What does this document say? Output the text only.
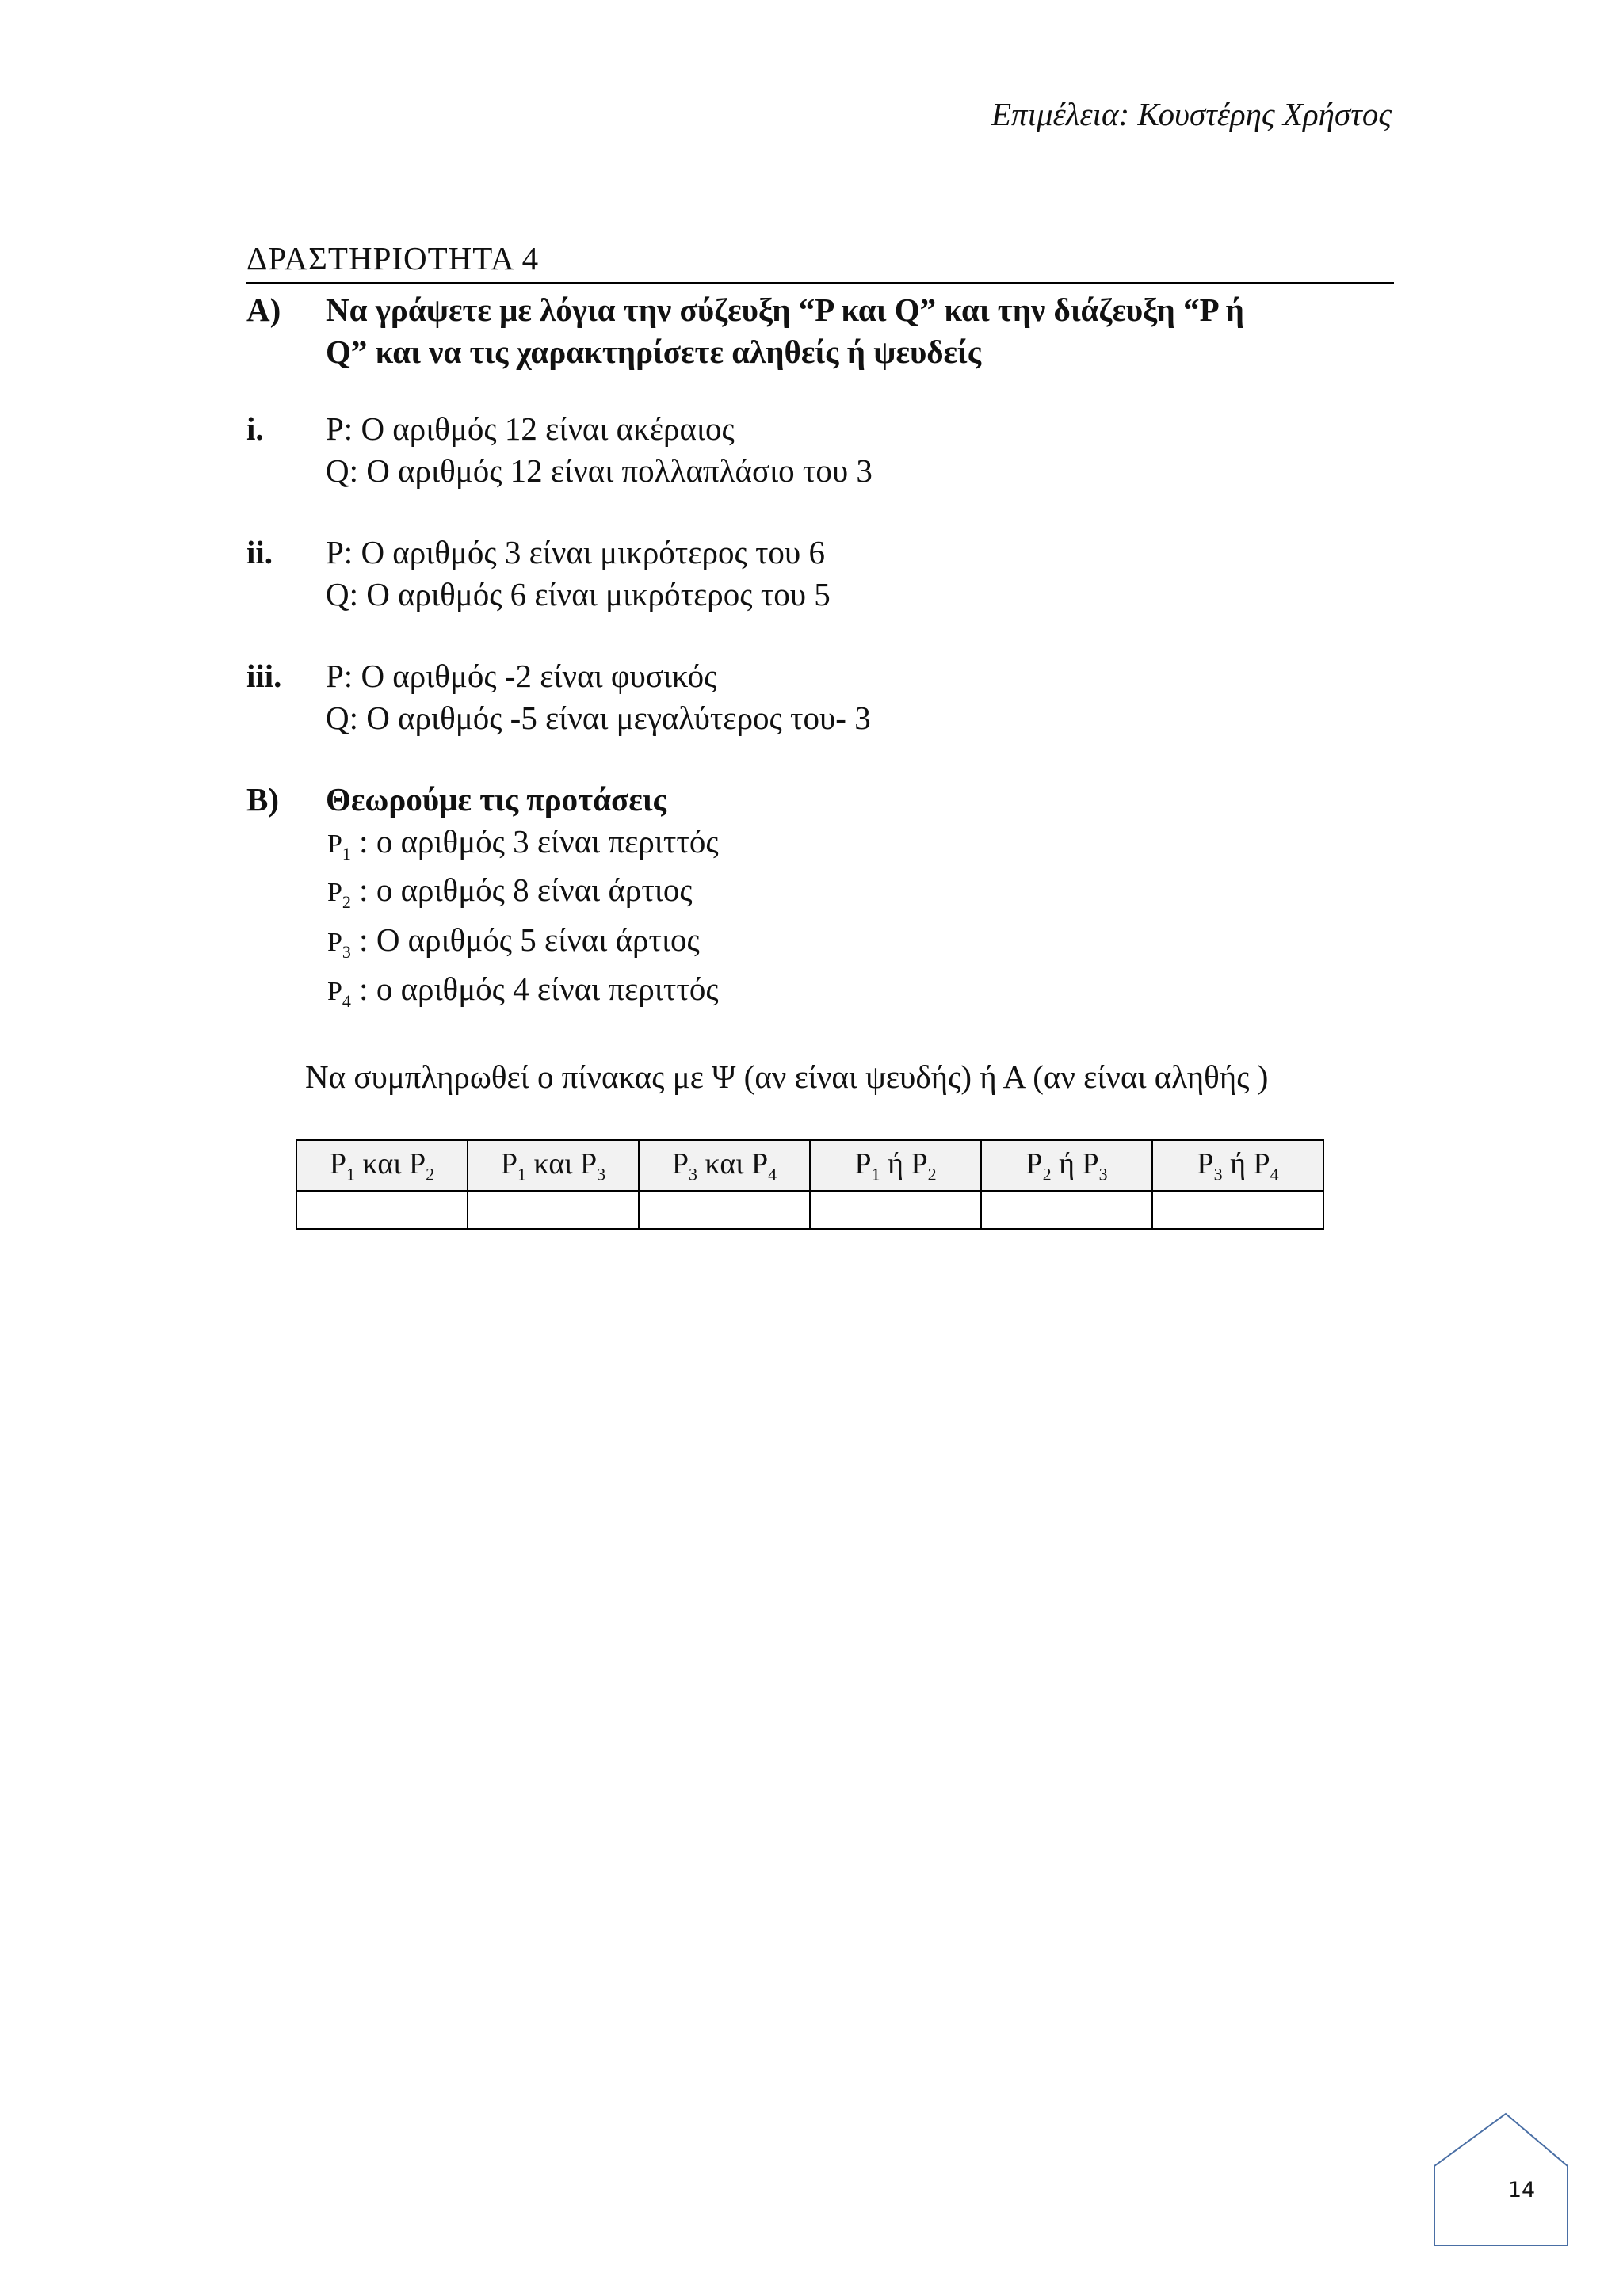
Επιμέλεια: Κουστέρης Χρήστος
ΔΡΑΣΤΗΡΙΟΤΗΤΑ 4
Α) Να γράψετε με λόγια την σύζευξη “P και Q” και την διάζευξη “P ή
Q” και να τις χαρακτηρίσετε αληθείς ή ψευδείς
i. P: Ο αριθμός 12 είναι ακέραιος
Q: Ο αριθμός 12 είναι πολλαπλάσιο του 3
ii. P: Ο αριθμός 3 είναι μικρότερος του 6
Q: Ο αριθμός 6 είναι μικρότερος του 5
iii. P: Ο αριθμός -2 είναι φυσικός
Q: Ο αριθμός -5 είναι μεγαλύτερος του- 3
Β) Θεωρούμε τις προτάσεις
$P_1$ : ο αριθμός 3 είναι περιττός
$P_2$ : ο αριθμός 8 είναι άρτιος
$P_3$ : Ο αριθμός 5 είναι άρτιος
$P_4$ : ο αριθμός 4 είναι περιττός
Να συμπληρωθεί ο πίνακας με Ψ (αν είναι ψευδής) ή Α (αν είναι αληθής )
$P_1$ και $P_2$	$P_1$ και $P_3$	$P_3$ και $P_4$	$P_1$ ή $P_2$	$P_2$ ή $P_3$	$P_3$ ή $P_4$

14
